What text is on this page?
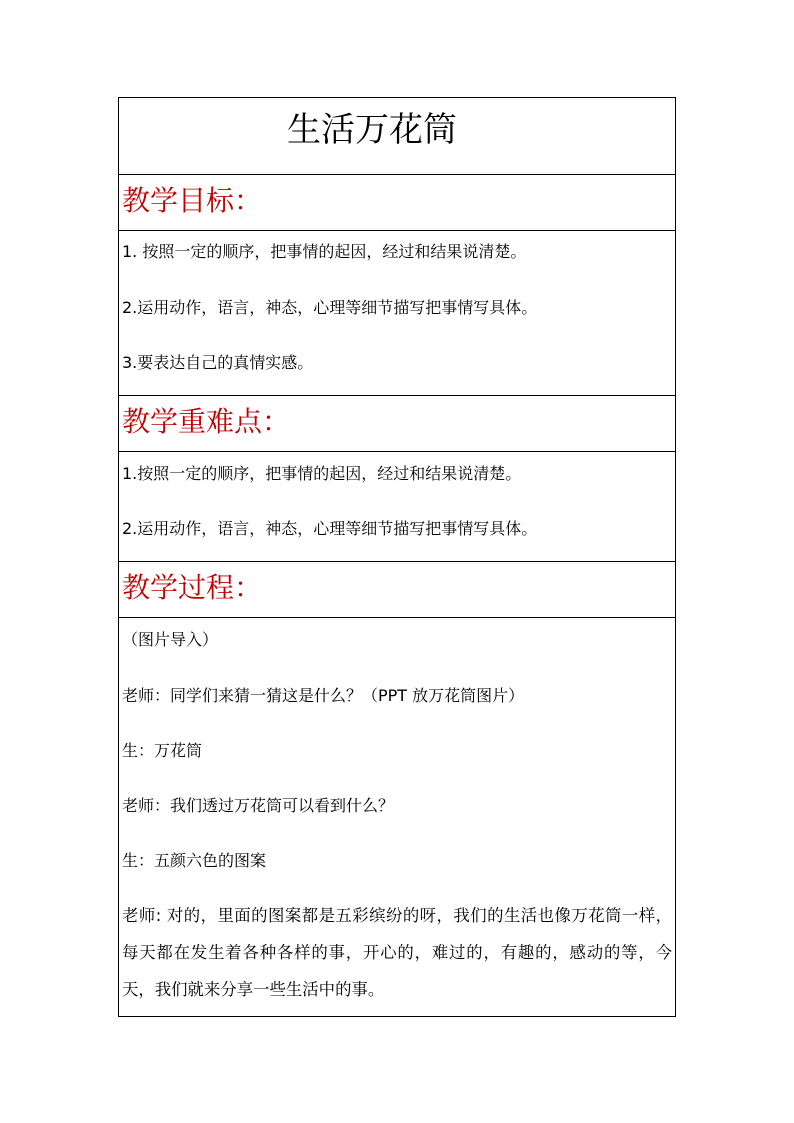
生活万花筒
教学目标：
1. 按照一定的顺序，把事情的起因，经过和结果说清楚。
2.运用动作，语言，神态，心理等细节描写把事情写具体。
3.要表达自己的真情实感。
教学重难点：
1.按照一定的顺序，把事情的起因，经过和结果说清楚。
2.运用动作，语言，神态，心理等细节描写把事情写具体。
教学过程：
（图片导入）
老师：同学们来猜一猜这是什么？（PPT 放万花筒图片）
生：万花筒
老师：我们透过万花筒可以看到什么？
生：五颜六色的图案
老师: 对的，里面的图案都是五彩缤纷的呀，我们的生活也像万花筒一样，每天都在发生着各种各样的事，开心的，难过的，有趣的，感动的等，今天，我们就来分享一些生活中的事。
